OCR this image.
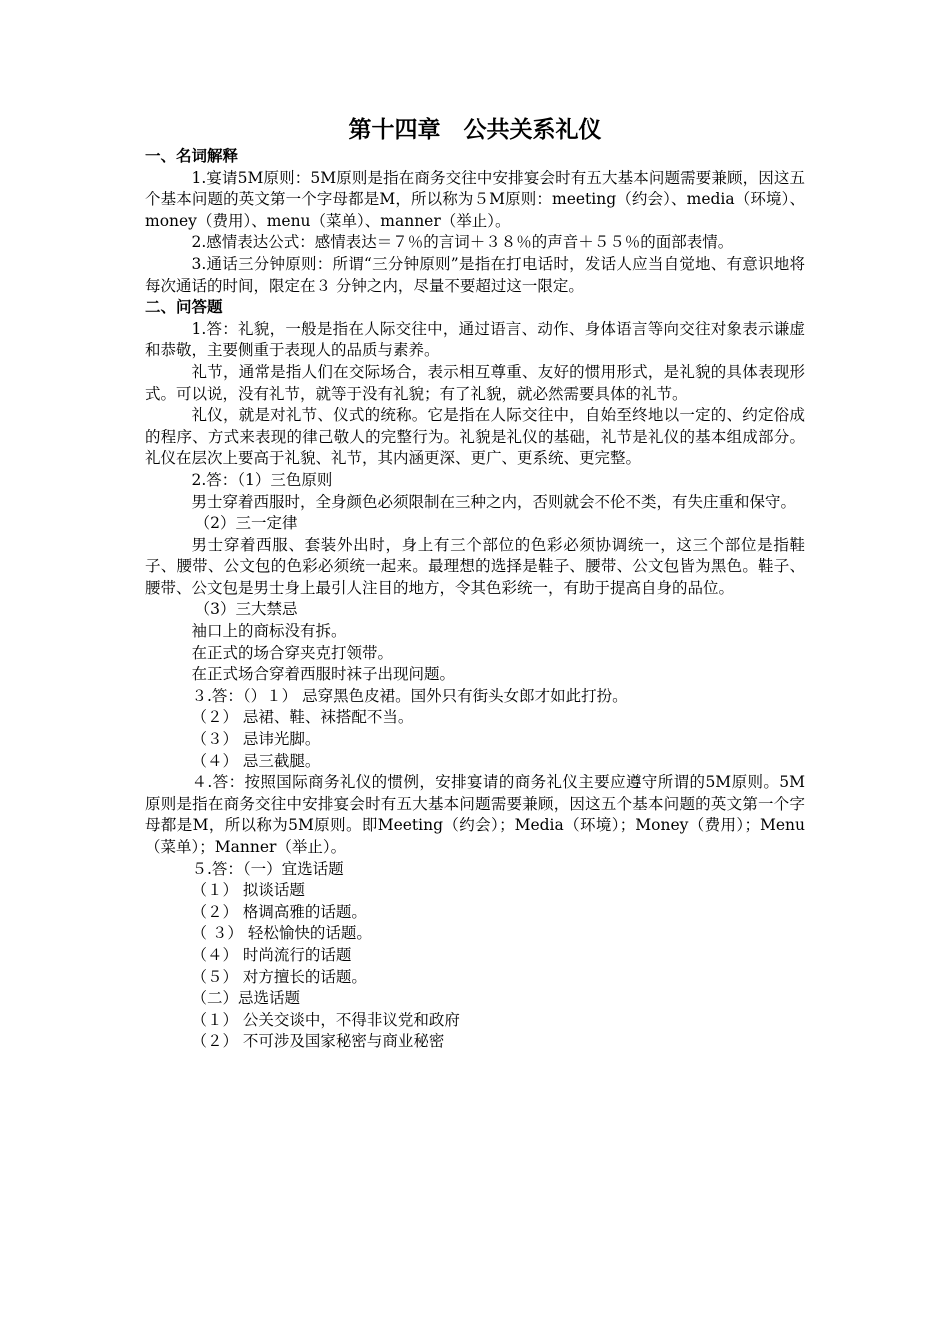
第十四章　公共关系礼仪

一、名词解释

1.宴请5M原则：5M原则是指在商务交往中安排宴会时有五大基本问题需要兼顾，因这五个基本问题的英文第一个字母都是M，所以称为５M原则：meeting（约会）、media（环境）、money（费用）、menu（菜单）、manner（举止）。

2.感情表达公式：感情表达＝７％的言词＋３８％的声音＋５５％的面部表情。

3.通话三分钟原则：所谓“三分钟原则”是指在打电话时，发话人应当自觉地、有意识地将每次通话的时间，限定在３ 分钟之内，尽量不要超过这一限定。

二、问答题

1.答：礼貌，一般是指在人际交往中，通过语言、动作、身体语言等向交往对象表示谦虚和恭敬，主要侧重于表现人的品质与素养。

礼节，通常是指人们在交际场合，表示相互尊重、友好的惯用形式，是礼貌的具体表现形式。可以说，没有礼节，就等于没有礼貌；有了礼貌，就必然需要具体的礼节。

礼仪，就是对礼节、仪式的统称。它是指在人际交往中，自始至终地以一定的、约定俗成的程序、方式来表现的律己敬人的完整行为。礼貌是礼仪的基础，礼节是礼仪的基本组成部分。礼仪在层次上要高于礼貌、礼节，其内涵更深、更广、更系统、更完整。

2.答：（1）三色原则

男士穿着西服时，全身颜色必须限制在三种之内，否则就会不伦不类，有失庄重和保守。

（2）三一定律

男士穿着西服、套装外出时，身上有三个部位的色彩必须协调统一，这三个部位是指鞋子、腰带、公文包的色彩必须统一起来。最理想的选择是鞋子、腰带、公文包皆为黑色。鞋子、腰带、公文包是男士身上最引人注目的地方，令其色彩统一，有助于提高自身的品位。

（3）三大禁忌

袖口上的商标没有拆。

在正式的场合穿夹克打领带。

在正式场合穿着西服时袜子出现问题。

３.答：（）１） 忌穿黑色皮裙。国外只有街头女郎才如此打扮。

（２） 忌裙、鞋、袜搭配不当。

（３） 忌讳光脚。

（４） 忌三截腿。

４.答：按照国际商务礼仪的惯例，安排宴请的商务礼仪主要应遵守所谓的5M原则。5M原则是指在商务交往中安排宴会时有五大基本问题需要兼顾，因这五个基本问题的英文第一个字母都是M，所以称为5M原则。即Meeting（约会）；Media（环境）；Money（费用）；Menu（菜单）；Manner（举止）。

５.答：（一）宜选话题

（１） 拟谈话题

（２） 格调高雅的话题。

（ ３） 轻松愉快的话题。

（４） 时尚流行的话题

（５） 对方擅长的话题。

（二）忌选话题

（１） 公关交谈中，不得非议党和政府

（２） 不可涉及国家秘密与商业秘密
